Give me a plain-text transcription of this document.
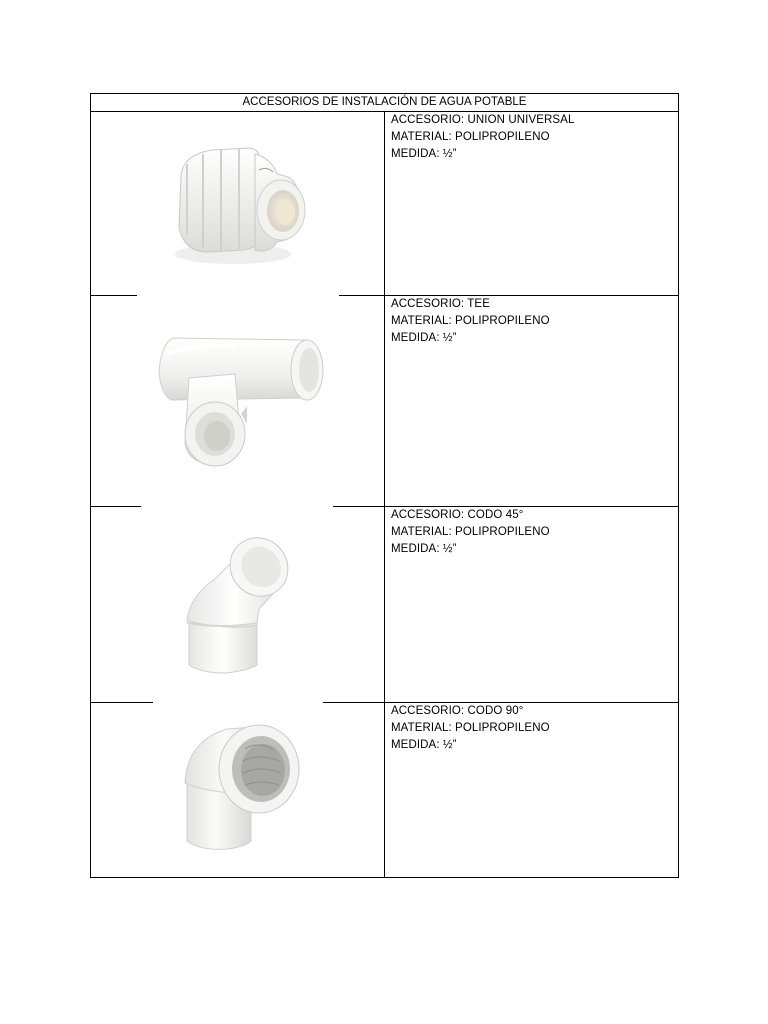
ACCESORIOS DE INSTALACIÓN DE AGUA POTABLE
ACCESORIO: UNION UNIVERSAL
MATERIAL: POLIPROPILENO
MEDIDA: ½”
ACCESORIO: TEE
MATERIAL: POLIPROPILENO
MEDIDA: ½”
ACCESORIO: CODO 45°
MATERIAL: POLIPROPILENO
MEDIDA: ½”
ACCESORIO: CODO 90°
MATERIAL: POLIPROPILENO
MEDIDA: ½”
